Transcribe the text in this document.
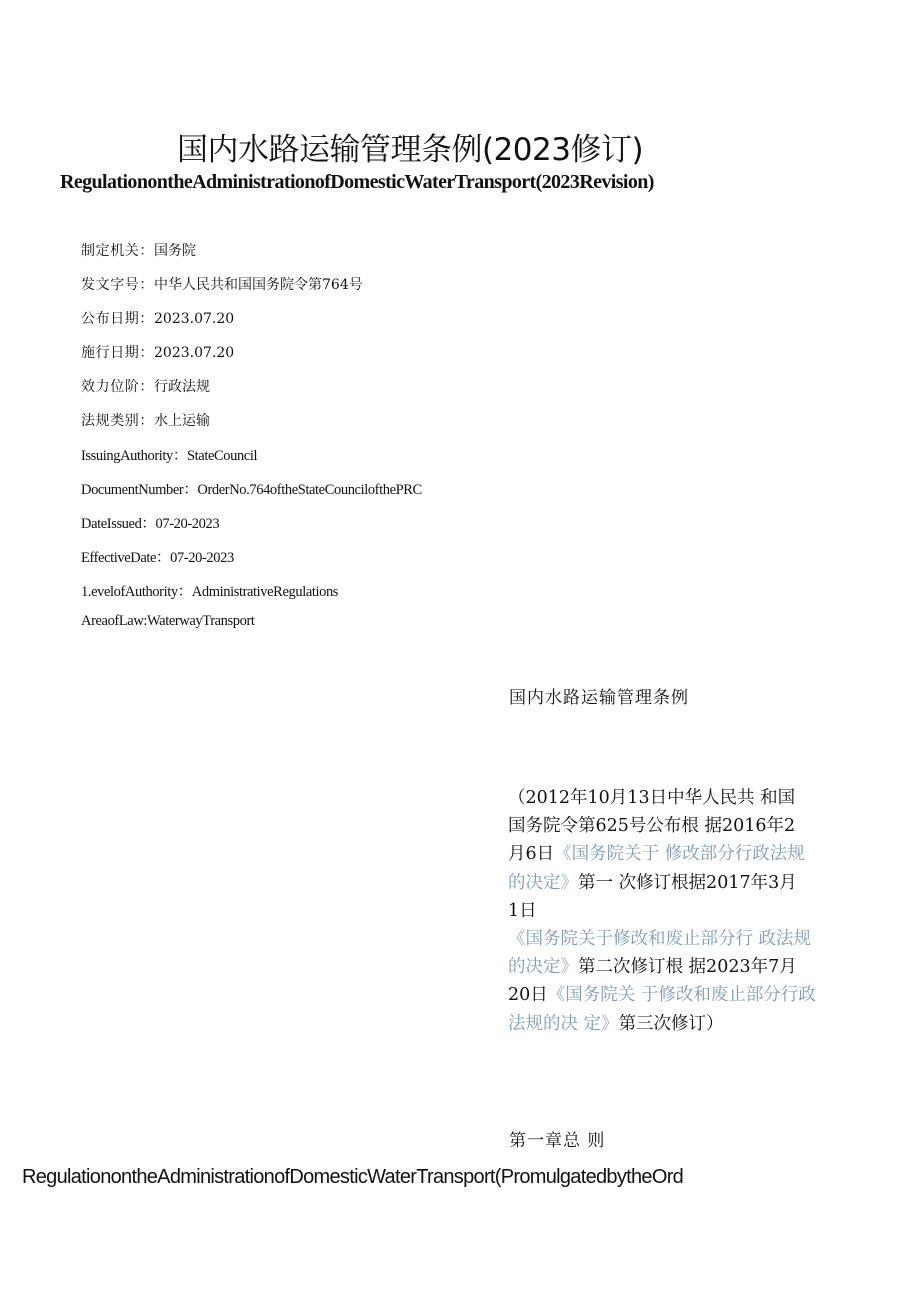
国内水路运输管理条例(2023修订)
RegulationontheAdministrationofDomesticWaterTransport(2023Revision)
制定机关：国务院
发文字号：中华人民共和国国务院令第764号
公布日期：2023.07.20
施行日期：2023.07.20
效力位阶：行政法规
法规类别：水上运输
IssuingAuthority：StateCouncil
DocumentNumber：OrderNo.764oftheStateCouncilofthePRC
DateIssued：07-20-2023
EffectiveDate：07-20-2023
1.evelofAuthority：AdministrativeRegulations
AreaofLaw:WaterwayTransport
国内水路运输管理条例
（2012年10月13日中华人民共 和国
国务院令第625号公布根 据2016年2
月6日《国务院关于 修改部分行政法规
的决定》第一 次修订根据2017年3月
1日
《国务院关于修改和废止部分行 政法规
的决定》第二次修订根 据2023年7月
20日《国务院关 于修改和废止部分行政
法规的决 定》第三次修订）
第一章总 则
RegulationontheAdministrationofDomesticWaterTransport(PromulgatedbytheOrd
